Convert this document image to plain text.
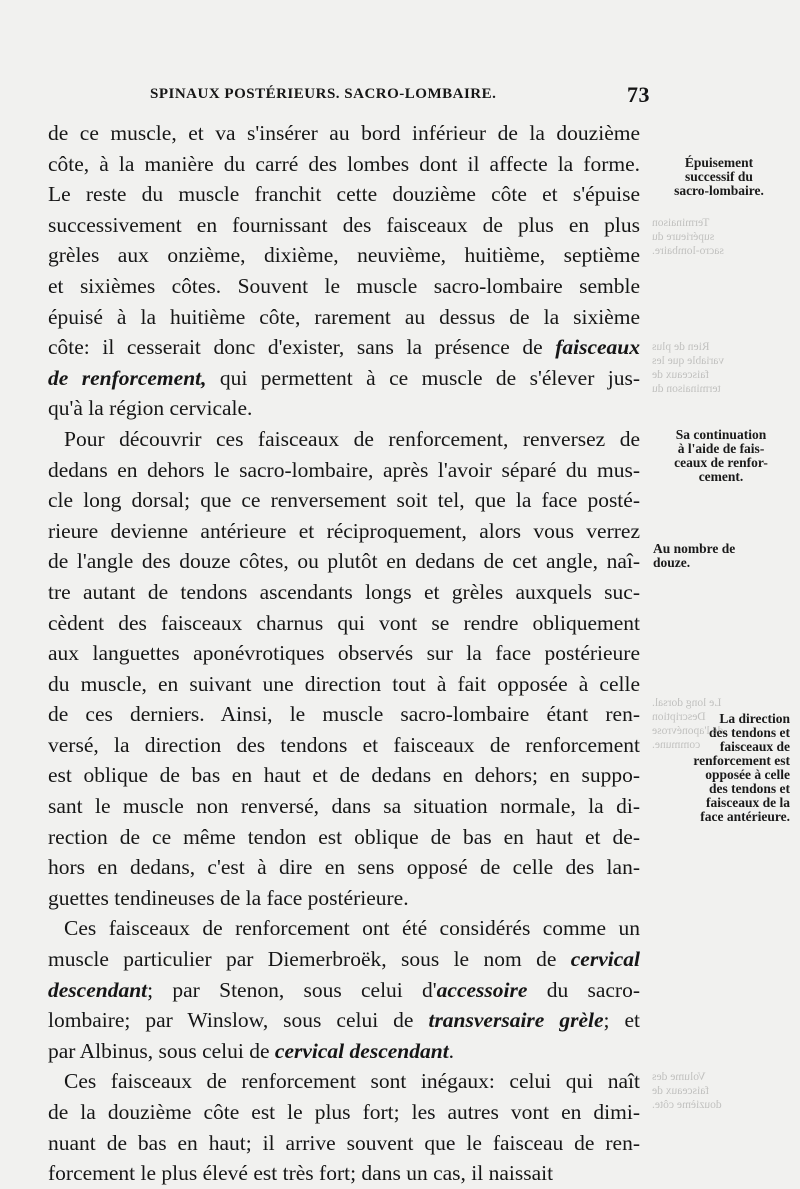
SPINAUX POSTÉRIEURS. SACRO-LOMBAIRE.	73
de ce muscle, et va s'insérer au bord inférieur de la douzième
côte, à la manière du carré des lombes dont il affecte la forme.
Le reste du muscle franchit cette douzième côte et s'épuise
successivement en fournissant des faisceaux de plus en plus
grèles aux onzième, dixième, neuvième, huitième, septième
et sixièmes côtes. Souvent le muscle sacro-lombaire semble
épuisé à la huitième côte, rarement au dessus de la sixième
côte: il cesserait donc d'exister, sans la présence de faisceaux
de renforcement, qui permettent à ce muscle de s'élever jus-
qu'à la région cervicale.
Pour découvrir ces faisceaux de renforcement, renversez de
dedans en dehors le sacro-lombaire, après l'avoir séparé du mus-
cle long dorsal; que ce renversement soit tel, que la face posté-
rieure devienne antérieure et réciproquement, alors vous verrez
de l'angle des douze côtes, ou plutôt en dedans de cet angle, naî-
tre autant de tendons ascendants longs et grèles auxquels suc-
cèdent des faisceaux charnus qui vont se rendre obliquement
aux languettes aponévrotiques observés sur la face postérieure
du muscle, en suivant une direction tout à fait opposée à celle
de ces derniers. Ainsi, le muscle sacro-lombaire étant ren-
versé, la direction des tendons et faisceaux de renforcement
est oblique de bas en haut et de dedans en dehors; en suppo-
sant le muscle non renversé, dans sa situation normale, la di-
rection de ce même tendon est oblique de bas en haut et de-
hors en dedans, c'est à dire en sens opposé de celle des lan-
guettes tendineuses de la face postérieure.
Ces faisceaux de renforcement ont été considérés comme un
muscle particulier par Diemerbroëk, sous le nom de cervical
descendant; par Stenon, sous celui d'accessoire du sacro-
lombaire; par Winslow, sous celui de transversaire grèle; et
par Albinus, sous celui de cervical descendant.
Ces faisceaux de renforcement sont inégaux: celui qui naît
de la douzième côte est le plus fort; les autres vont en dimi-
nuant de bas en haut; il arrive souvent que le faisceau de ren-
forcement le plus élevé est très fort; dans un cas, il naissait
Épuisement
successif du
sacro-lombaire.
Sa continuation
à l'aide de fais-
ceaux de renfor-
cement.
Au nombre de
douze.
La direction
des tendons et
faisceaux de
renforcement est
opposée à celle
des tendons et
faisceaux de la
face antérieure.
Terminaison
supérieure du
sacro-lombaire.
Rien de plus
variable que les
faisceaux de
terminaison du
Le long dorsal.
Description
de l'aponévrose
commune.
Volume des
faisceaux de
douzième côte.
